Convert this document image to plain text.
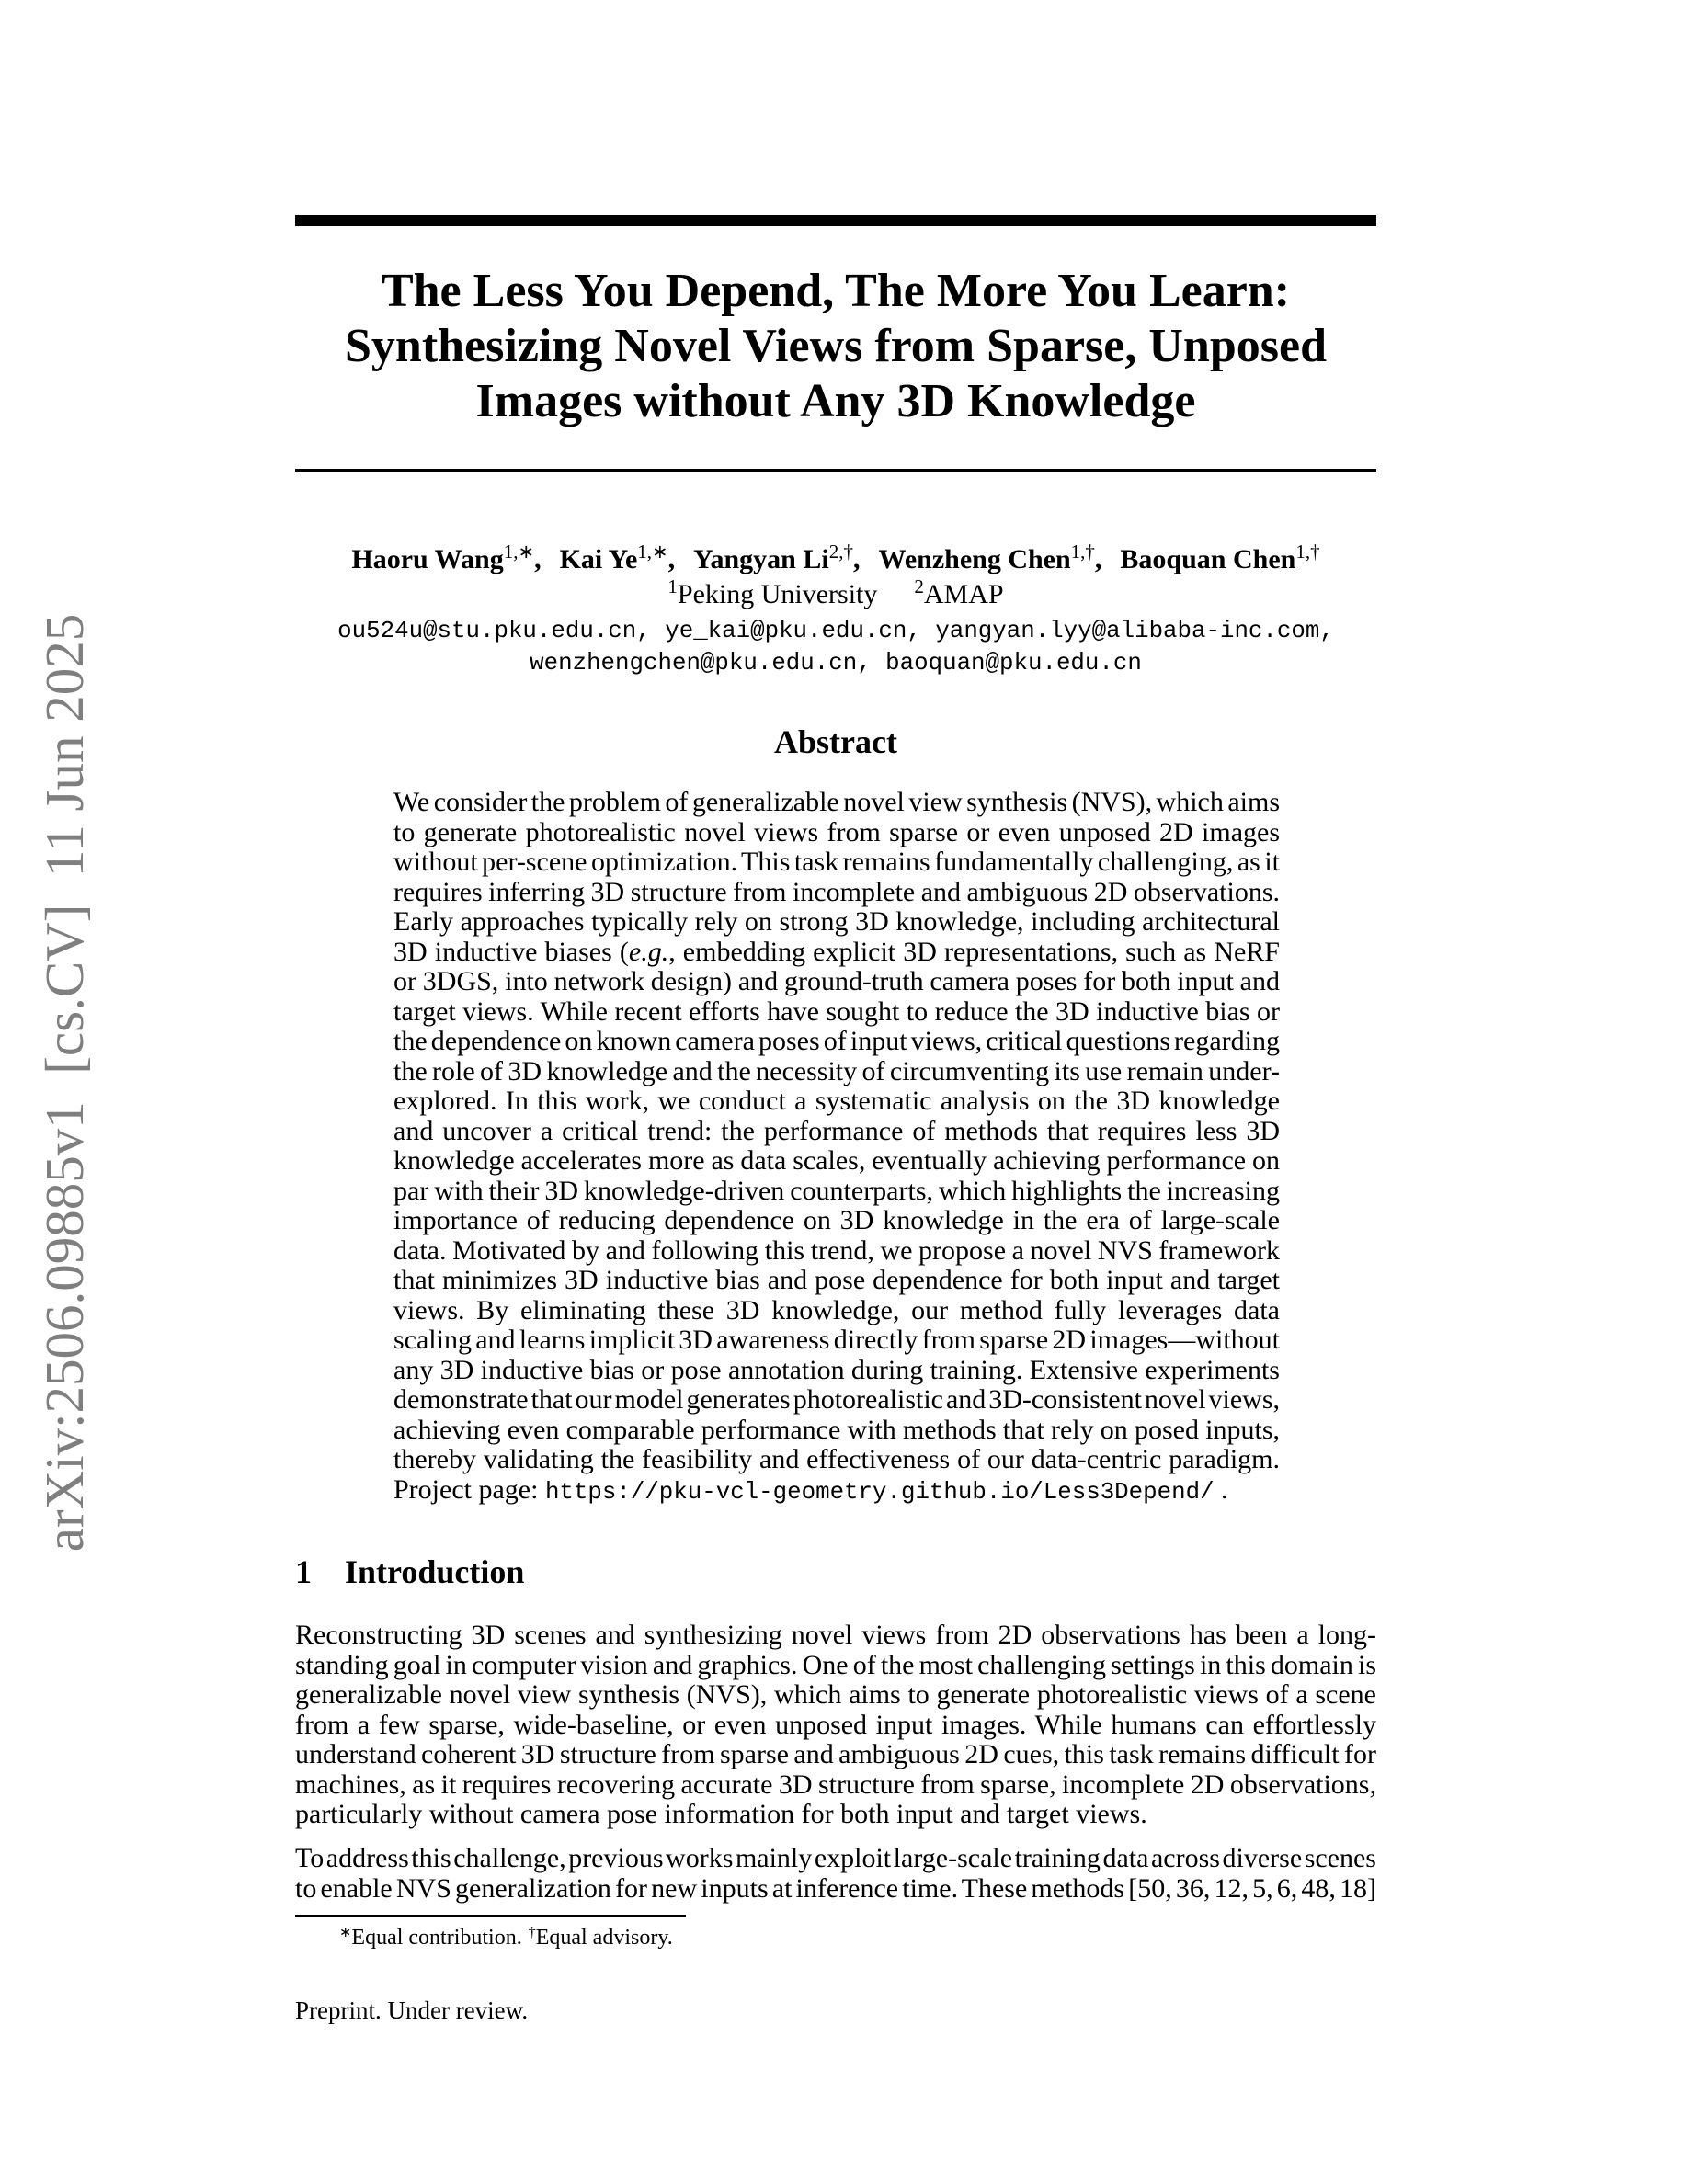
arXiv:2506.09885v1  [cs.CV]  11 Jun 2025
The Less You Depend, The More You Learn:
Synthesizing Novel Views from Sparse, Unposed
Images without Any 3D Knowledge
Haoru Wang$^{1,∗}$, Kai $Ye^{1,∗}$, Yangyan $Li^{2,\dagger}$, Wenzheng Chen$^{1,\dagger}$, Baoquan Chen$^{1,\dagger}$
$^1$Peking University $^2$AMAP
ou524u@stu.pku.edu.cn, ye_kai@pku.edu.cn, yangyan.lyy@alibaba-inc.com,
wenzhengchen@pku.edu.cn, baoquan@pku.edu.cn
Abstract
We consider the problem of generalizable novel view synthesis (NVS), which aims
to generate photorealistic novel views from sparse or even unposed 2D images
without per-scene optimization. This task remains fundamentally challenging, as it
requires inferring 3D structure from incomplete and ambiguous 2D observations.
Early approaches typically rely on strong 3D knowledge, including architectural
3D inductive biases (e.g., embedding explicit 3D representations, such as NeRF
or 3DGS, into network design) and ground-truth camera poses for both input and
target views. While recent efforts have sought to reduce the 3D inductive bias or
the dependence on known camera poses of input views, critical questions regarding
the role of 3D knowledge and the necessity of circumventing its use remain under-
explored. In this work, we conduct a systematic analysis on the 3D knowledge
and uncover a critical trend: the performance of methods that requires less 3D
knowledge accelerates more as data scales, eventually achieving performance on
par with their 3D knowledge-driven counterparts, which highlights the increasing
importance of reducing dependence on 3D knowledge in the era of large-scale
data. Motivated by and following this trend, we propose a novel NVS framework
that minimizes 3D inductive bias and pose dependence for both input and target
views. By eliminating these 3D knowledge, our method fully leverages data
scaling and learns implicit 3D awareness directly from sparse 2D images—without
any 3D inductive bias or pose annotation during training. Extensive experiments
demonstrate that our model generates photorealistic and 3D-consistent novel views,
achieving even comparable performance with methods that rely on posed inputs,
thereby validating the feasibility and effectiveness of our data-centric paradigm.
Project page: https://pku-vcl-geometry.github.io/Less3Depend/ .
1 Introduction
Reconstructing 3D scenes and synthesizing novel views from 2D observations has been a long-
standing goal in computer vision and graphics. One of the most challenging settings in this domain is
generalizable novel view synthesis (NVS), which aims to generate photorealistic views of a scene
from a few sparse, wide-baseline, or even unposed input images. While humans can effortlessly
understand coherent 3D structure from sparse and ambiguous 2D cues, this task remains difficult for
machines, as it requires recovering accurate 3D structure from sparse, incomplete 2D observations,
particularly without camera pose information for both input and target views.
To address this challenge, previous works mainly exploit large-scale training data across diverse scenes
to enable NVS generalization for new inputs at inference time. These methods [50, 36, 12, 5, 6, 48, 18]
∗Equal contribution. †Equal advisory.
Preprint. Under review.
